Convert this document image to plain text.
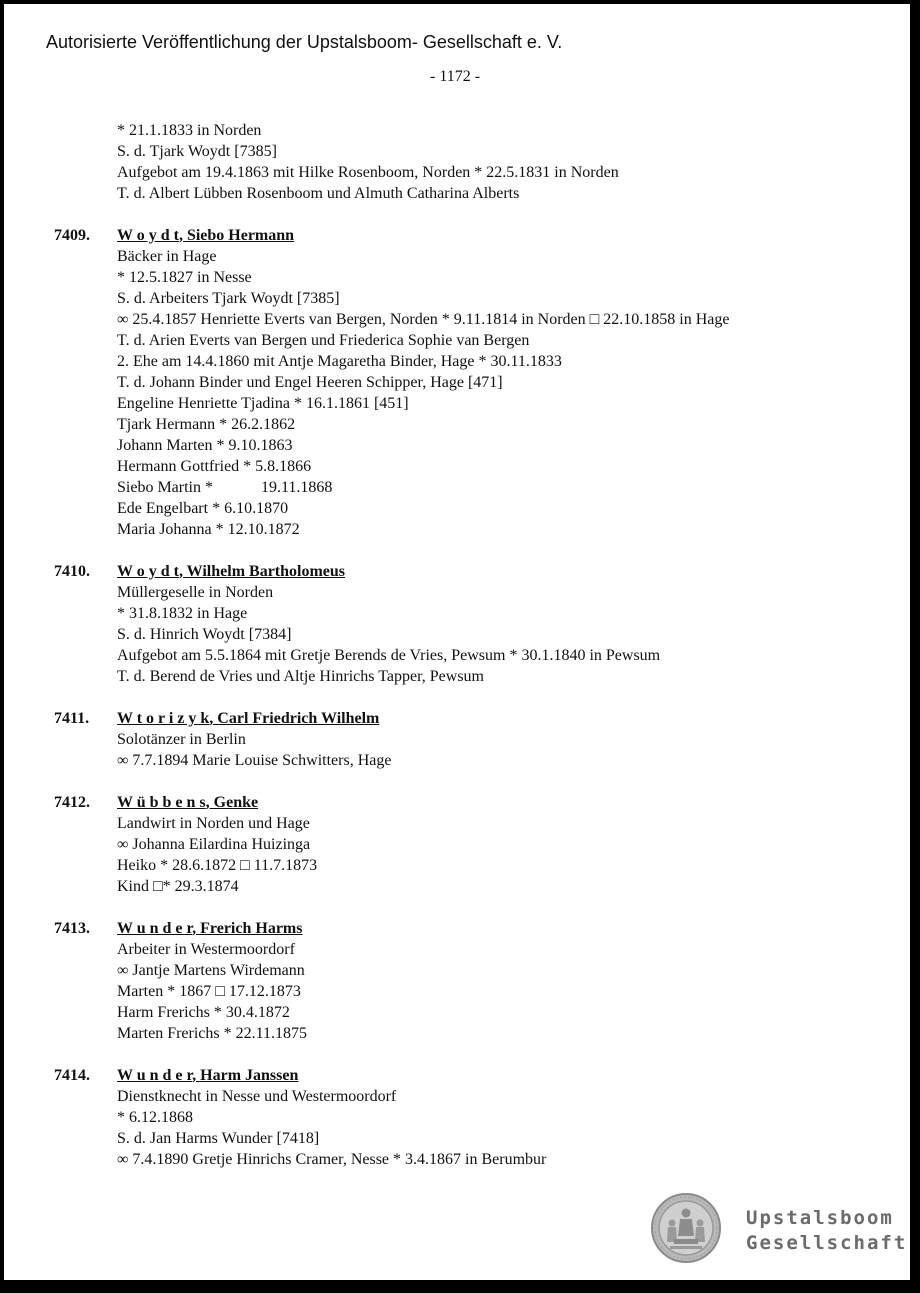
Autorisierte Veröffentlichung der Upstalsboom- Gesellschaft e. V.
- 1172 -
* 21.1.1833 in Norden
S. d. Tjark Woydt [7385]
Aufgebot am 19.4.1863 mit Hilke Rosenboom, Norden * 22.5.1831 in Norden
T. d. Albert Lübben Rosenboom und Almuth Catharina Alberts
7409. W o y d t, Siebo Hermann
Bäcker in Hage
* 12.5.1827 in Nesse
S. d. Arbeiters Tjark Woydt [7385]
∞ 25.4.1857 Henriette Everts van Bergen, Norden * 9.11.1814 in Norden □ 22.10.1858 in Hage
T. d. Arien Everts van Bergen und Friederica Sophie van Bergen
2. Ehe am 14.4.1860 mit Antje Magaretha Binder, Hage * 30.11.1833
T. d. Johann Binder und Engel Heeren Schipper, Hage [471]
Engeline Henriette Tjadina * 16.1.1861 [451]
Tjark Hermann * 26.2.1862
Johann Marten * 9.10.1863
Hermann Gottfried * 5.8.1866
Siebo Martin *            19.11.1868
Ede Engelbart * 6.10.1870
Maria Johanna * 12.10.1872
7410. W o y d t, Wilhelm Bartholomeus
Müllergeselle in Norden
* 31.8.1832 in Hage
S. d. Hinrich Woydt [7384]
Aufgebot am 5.5.1864 mit Gretje Berends de Vries, Pewsum * 30.1.1840 in Pewsum
T. d. Berend de Vries und Altje Hinrichs Tapper, Pewsum
7411. W t o r i z y k, Carl Friedrich Wilhelm
Solotänzer in Berlin
∞ 7.7.1894 Marie Louise Schwitters, Hage
7412. W ü b b e n s, Genke
Landwirt in Norden und Hage
∞ Johanna Eilardina Huizinga
Heiko * 28.6.1872 □ 11.7.1873
Kind □* 29.3.1874
7413. W u n d e r, Frerich Harms
Arbeiter in Westermoordorf
∞ Jantje Martens Wirdemann
Marten * 1867 □ 17.12.1873
Harm Frerichs * 30.4.1872
Marten Frerichs * 22.11.1875
7414. W u n d e r, Harm Janssen
Dienstknecht in Nesse und Westermoordorf
* 6.12.1868
S. d. Jan Harms Wunder [7418]
∞ 7.4.1890 Gretje Hinrichs Cramer, Nesse * 3.4.1867 in Berumbur
Upstalsboom
Gesellschaft
